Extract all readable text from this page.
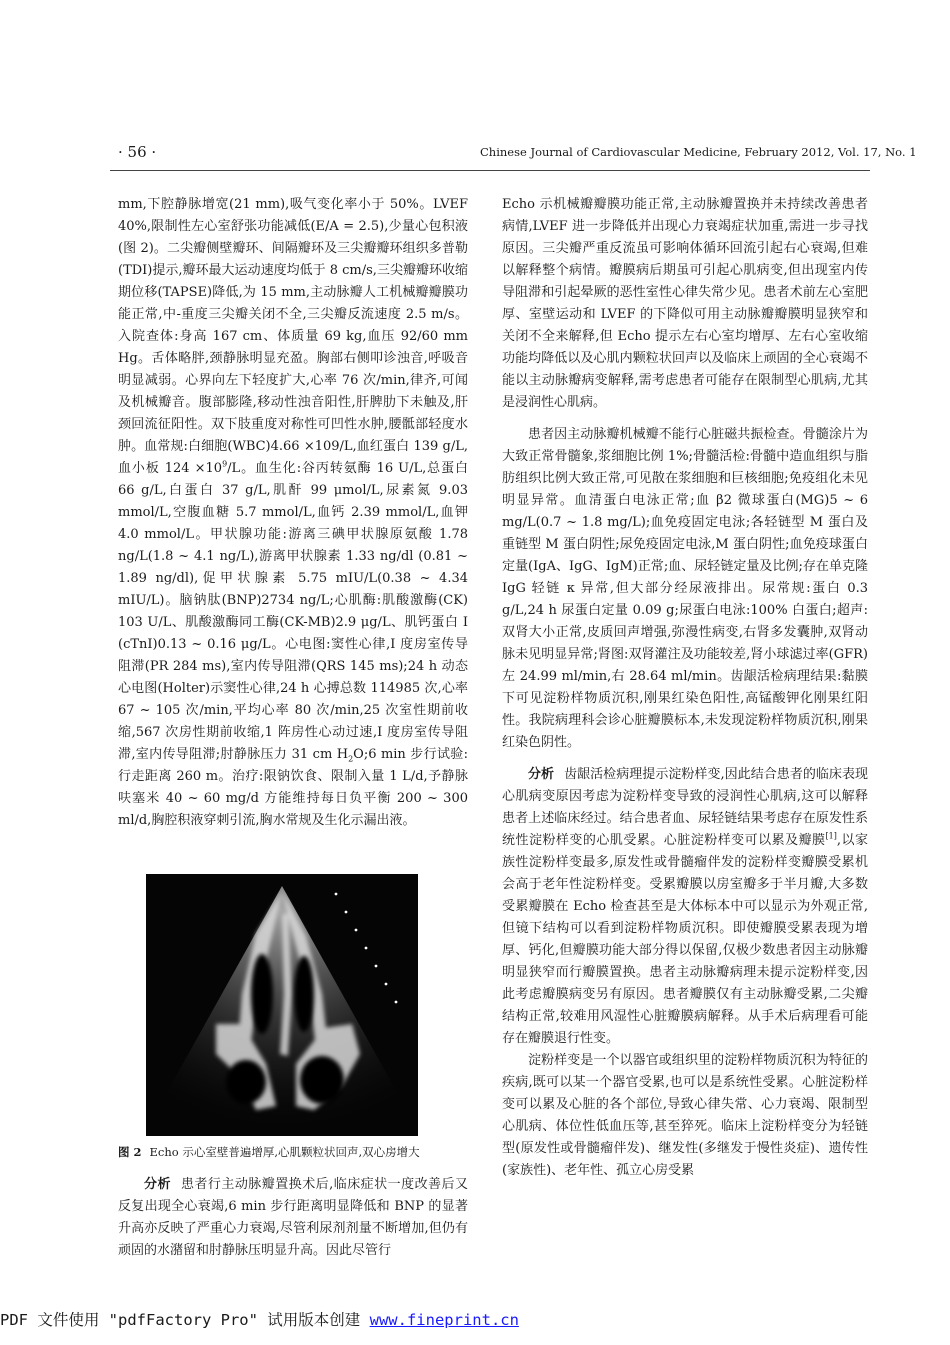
· 56 ·	Chinese Journal of Cardiovascular Medicine, February 2012, Vol. 17, No. 1

mm,下腔静脉增宽(21 mm),吸气变化率小于 50%。LVEF 40%,限制性左心室舒张功能减低(E/A = 2.5),少量心包积液(图 2)。二尖瓣侧壁瓣环、间隔瓣环及三尖瓣瓣环组织多普勒(TDI)提示,瓣环最大运动速度均低于 8 cm/s,三尖瓣瓣环收缩期位移(TAPSE)降低,为 15 mm,主动脉瓣人工机械瓣瓣膜功能正常,中-重度三尖瓣关闭不全,三尖瓣反流速度 2.5 m/s。入院查体:身高 167 cm、体质量 69 kg,血压 92/60 mm Hg。舌体略胖,颈静脉明显充盈。胸部右侧叩诊浊音,呼吸音明显减弱。心界向左下轻度扩大,心率 76 次/min,律齐,可闻及机械瓣音。腹部膨隆,移动性浊音阳性,肝脾肋下未触及,肝颈回流征阳性。双下肢重度对称性可凹性水肿,腰骶部轻度水肿。血常规:白细胞(WBC)4.66 ×109/L,血红蛋白 139 g/L,血小板 $124 \times 10^9/L$。血生化:谷丙转氨酶 16 U/L,总蛋白 66 g/L,白蛋白 37 g/L,肌酐 99 μmol/L,尿素氮 9.03 mmol/L,空腹血糖 5.7 mmol/L,血钙 2.39 mmol/L,血钾 4.0 mmol/L。甲状腺功能:游离三碘甲状腺原氨酸 1.78 ng/L(1.8 ~ 4.1 ng/L),游离甲状腺素 1.33 ng/dl (0.81 ~ 1.89 ng/dl),促甲状腺素 5.75 mIU/L(0.38 ~ 4.34 mIU/L)。脑钠肽(BNP)2734 ng/L;心肌酶:肌酸激酶(CK) 103 U/L、肌酸激酶同工酶(CK-MB)2.9 μg/L、肌钙蛋白 I (cTnI)0.13 ~ 0.16 μg/L。心电图:窦性心律,I 度房室传导阻滞(PR 284 ms),室内传导阻滞(QRS 145 ms);24 h 动态心电图(Holter)示窦性心律,24 h 心搏总数 114985 次,心率 67 ~ 105 次/min,平均心率 80 次/min,25 次室性期前收缩,567 次房性期前收缩,1 阵房性心动过速,I 度房室传导阻滞,室内传导阻滞;肘静脉压力 31 cm $H_2O;6$ min 步行试验:行走距离 260 m。治疗:限钠饮食、限制入量 1 L/d,予静脉呋塞米 40 ~ 60 mg/d 方能维持每日负平衡 200 ~ 300 ml/d,胸腔积液穿刺引流,胸水常规及生化示漏出液。

图 2 Echo 示心室壁普遍增厚,心肌颗粒状回声,双心房增大

分析 患者行主动脉瓣置换术后,临床症状一度改善后又反复出现全心衰竭,6 min 步行距离明显降低和 BNP 的显著升高亦反映了严重心力衰竭,尽管利尿剂剂量不断增加,但仍有顽固的水潴留和肘静脉压明显升高。因此尽管行

Echo 示机械瓣瓣膜功能正常,主动脉瓣置换并未持续改善患者病情,LVEF 进一步降低并出现心力衰竭症状加重,需进一步寻找原因。三尖瓣严重反流虽可影响体循环回流引起右心衰竭,但难以解释整个病情。瓣膜病后期虽可引起心肌病变,但出现室内传导阻滞和引起晕厥的恶性室性心律失常少见。患者术前左心室肥厚、室壁运动和 LVEF 的下降似可用主动脉瓣瓣膜明显狭窄和关闭不全来解释,但 Echo 提示左右心室均增厚、左右心室收缩功能均降低以及心肌内颗粒状回声以及临床上顽固的全心衰竭不能以主动脉瓣病变解释,需考虑患者可能存在限制型心肌病,尤其是浸润性心肌病。

患者因主动脉瓣机械瓣不能行心脏磁共振检查。骨髓涂片为大致正常骨髓象,浆细胞比例 1%;骨髓活检:骨髓中造血组织与脂肪组织比例大致正常,可见散在浆细胞和巨核细胞;免疫组化未见明显异常。血清蛋白电泳正常;血 β2 微球蛋白(MG)5 ~ 6 mg/L(0.7 ~ 1.8 mg/L);血免疫固定电泳;各轻链型 M 蛋白及重链型 M 蛋白阴性;尿免疫固定电泳,M 蛋白阴性;血免疫球蛋白定量(IgA、IgG、IgM)正常;血、尿轻链定量及比例;存在单克隆 IgG 轻链 κ 异常,但大部分经尿液排出。尿常规:蛋白 0.3 g/L,24 h 尿蛋白定量 0.09 g;尿蛋白电泳:100% 白蛋白;超声:双肾大小正常,皮质回声增强,弥漫性病变,右肾多发囊肿,双肾动脉未见明显异常;肾图:双肾灌注及功能较差,肾小球滤过率(GFR)左 24.99 ml/min,右 28.64 ml/min。齿龈活检病理结果:黏膜下可见淀粉样物质沉积,刚果红染色阳性,高锰酸钾化刚果红阳性。我院病理科会诊心脏瓣膜标本,未发现淀粉样物质沉积,刚果红染色阴性。

分析 齿龈活检病理提示淀粉样变,因此结合患者的临床表现心肌病变原因考虑为淀粉样变导致的浸润性心肌病,这可以解释患者上述临床经过。结合患者血、尿轻链结果考虑存在原发性系统性淀粉样变的心肌受累。心脏淀粉样变可以累及瓣膜[1],以家族性淀粉样变最多,原发性或骨髓瘤伴发的淀粉样变瓣膜受累机会高于老年性淀粉样变。受累瓣膜以房室瓣多于半月瓣,大多数受累瓣膜在 Echo 检查甚至是大体标本中可以显示为外观正常,但镜下结构可以看到淀粉样物质沉积。即使瓣膜受累表现为增厚、钙化,但瓣膜功能大部分得以保留,仅极少数患者因主动脉瓣明显狭窄而行瓣膜置换。患者主动脉瓣病理未提示淀粉样变,因此考虑瓣膜病变另有原因。患者瓣膜仅有主动脉瓣受累,二尖瓣结构正常,较难用风湿性心脏瓣膜病解释。从手术后病理看可能存在瓣膜退行性变。

淀粉样变是一个以器官或组织里的淀粉样物质沉积为特征的疾病,既可以某一个器官受累,也可以是系统性受累。心脏淀粉样变可以累及心脏的各个部位,导致心律失常、心力衰竭、限制型心肌病、体位性低血压等,甚至猝死。临床上淀粉样变分为轻链型(原发性或骨髓瘤伴发)、继发性(多继发于慢性炎症)、遗传性(家族性)、老年性、孤立心房受累

PDF 文件使用 "pdfFactory Pro" 试用版本创建 www.fineprint.cn
